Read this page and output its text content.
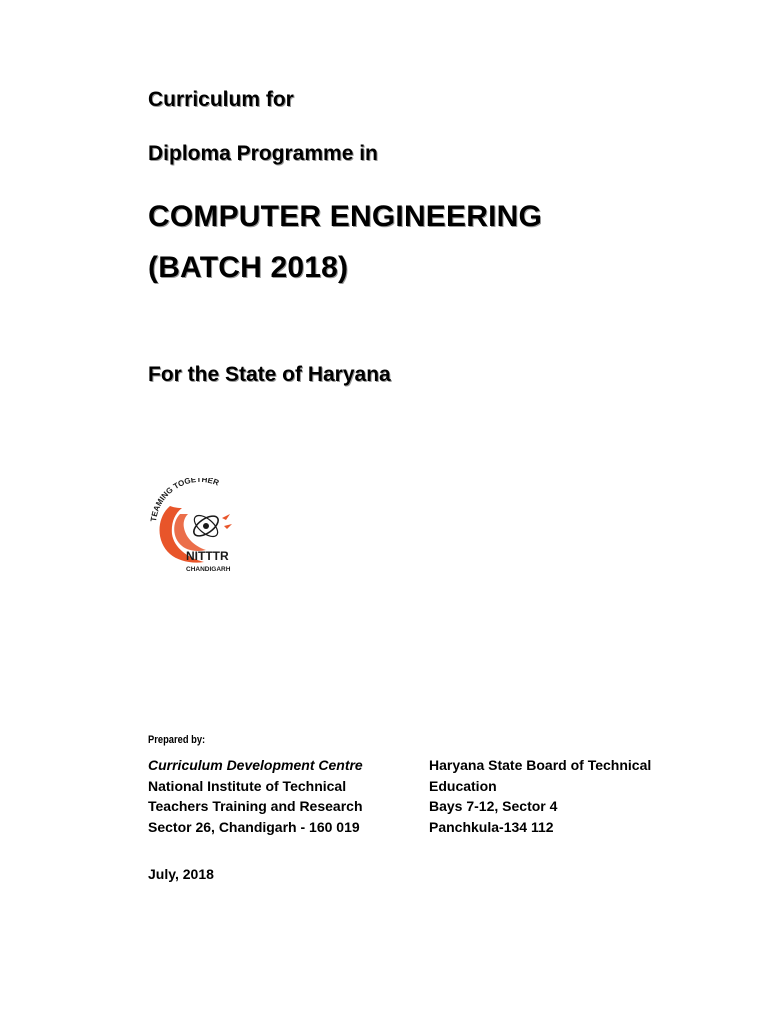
Curriculum for
Diploma Programme in
COMPUTER ENGINEERING
(BATCH 2018)
For the State of Haryana
TEAMING TOGETHER
NITTTR
CHANDIGARH
Prepared by:
Curriculum Development Centre
National Institute of Technical
Teachers Training and Research
Sector 26, Chandigarh - 160 019
Haryana State Board of Technical
Education
Bays 7-12, Sector 4
Panchkula-134 112
July, 2018
